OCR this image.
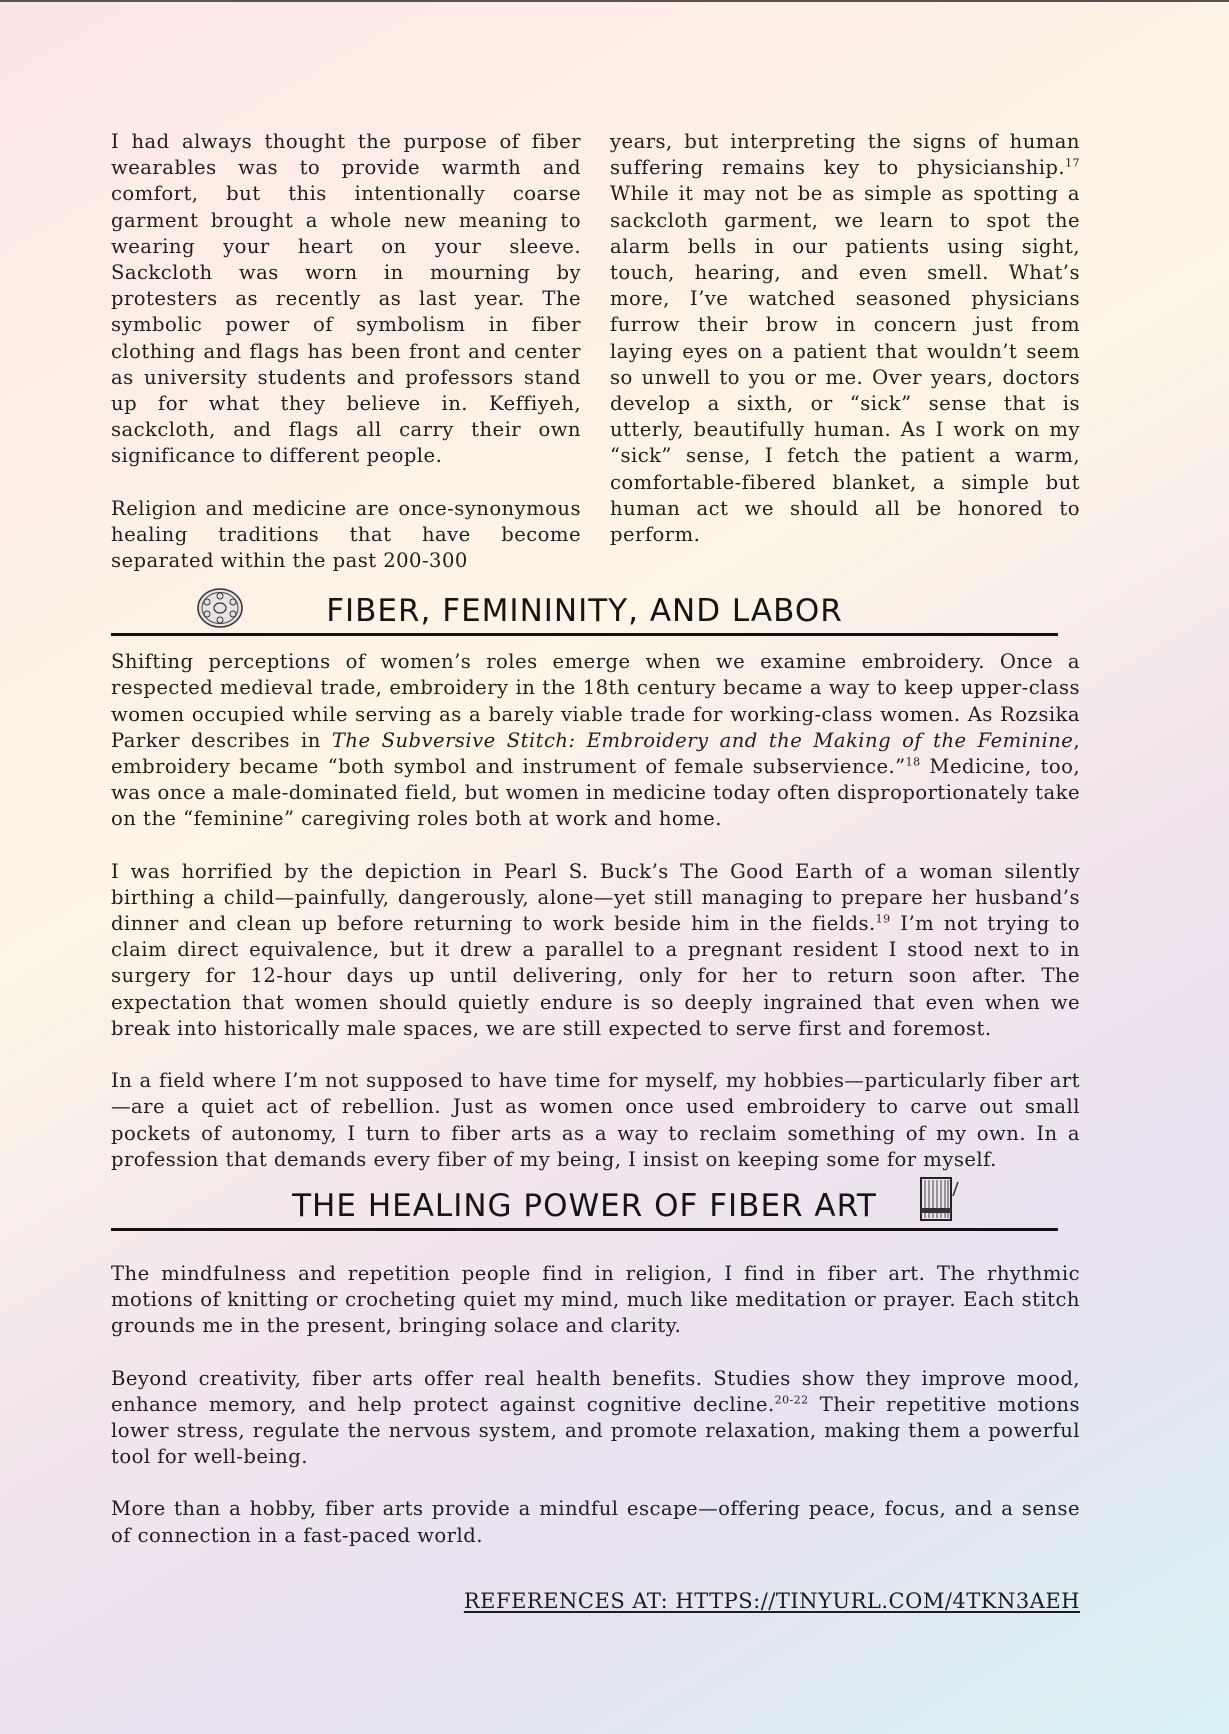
I had always thought the purpose of fiber wearables was to provide warmth and comfort, but this intentionally coarse garment brought a whole new meaning to wearing your heart on your sleeve. Sackcloth was worn in mourning by protesters as recently as last year. The symbolic power of symbolism in fiber clothing and flags has been front and center as university students and professors stand up for what they believe in. Keffiyeh, sackcloth, and flags all carry their own significance to different people.

Religion and medicine are once-synonymous healing traditions that have become separated within the past 200-300

years, but interpreting the signs of human suffering remains key to physicianship.$^{17}$ While it may not be as simple as spotting a sackcloth garment, we learn to spot the alarm bells in our patients using sight, touch, hearing, and even smell. What’s more, I’ve watched seasoned physicians furrow their brow in concern just from laying eyes on a patient that wouldn’t seem so unwell to you or me. Over years, doctors develop a sixth, or “sick” sense that is utterly, beautifully human. As I work on my “sick” sense, I fetch the patient a warm, comfortable-fibered blanket, a simple but human act we should all be honored to perform.

FIBER, FEMININITY, AND LABOR

Shifting perceptions of women’s roles emerge when we examine embroidery. Once a respected medieval trade, embroidery in the 18th century became a way to keep upper-class women occupied while serving as a barely viable trade for working-class women. As Rozsika Parker describes in The Subversive Stitch: Embroidery and the Making of the Feminine, embroidery became “both symbol and instrument of female subservience.”$^{18}$ Medicine, too, was once a male-dominated field, but women in medicine today often disproportionately take on the “feminine” caregiving roles both at work and home.

I was horrified by the depiction in Pearl S. Buck’s The Good Earth of a woman silently birthing a child—painfully, dangerously, alone—yet still managing to prepare her husband’s dinner and clean up before returning to work beside him in the fields.$^{19}$ I’m not trying to claim direct equivalence, but it drew a parallel to a pregnant resident I stood next to in surgery for 12-hour days up until delivering, only for her to return soon after. The expectation that women should quietly endure is so deeply ingrained that even when we break into historically male spaces, we are still expected to serve first and foremost.

In a field where I’m not supposed to have time for myself, my hobbies—particularly fiber art—are a quiet act of rebellion. Just as women once used embroidery to carve out small pockets of autonomy, I turn to fiber arts as a way to reclaim something of my own. In a profession that demands every fiber of my being, I insist on keeping some for myself.

THE HEALING POWER OF FIBER ART

The mindfulness and repetition people find in religion, I find in fiber art. The rhythmic motions of knitting or crocheting quiet my mind, much like meditation or prayer. Each stitch grounds me in the present, bringing solace and clarity.

Beyond creativity, fiber arts offer real health benefits. Studies show they improve mood, enhance memory, and help protect against cognitive decline.$^{20-22}$ Their repetitive motions lower stress, regulate the nervous system, and promote relaxation, making them a powerful tool for well-being.

More than a hobby, fiber arts provide a mindful escape—offering peace, focus, and a sense of connection in a fast-paced world.

REFERENCES AT: HTTPS://TINYURL.COM/4TKN3AEH
